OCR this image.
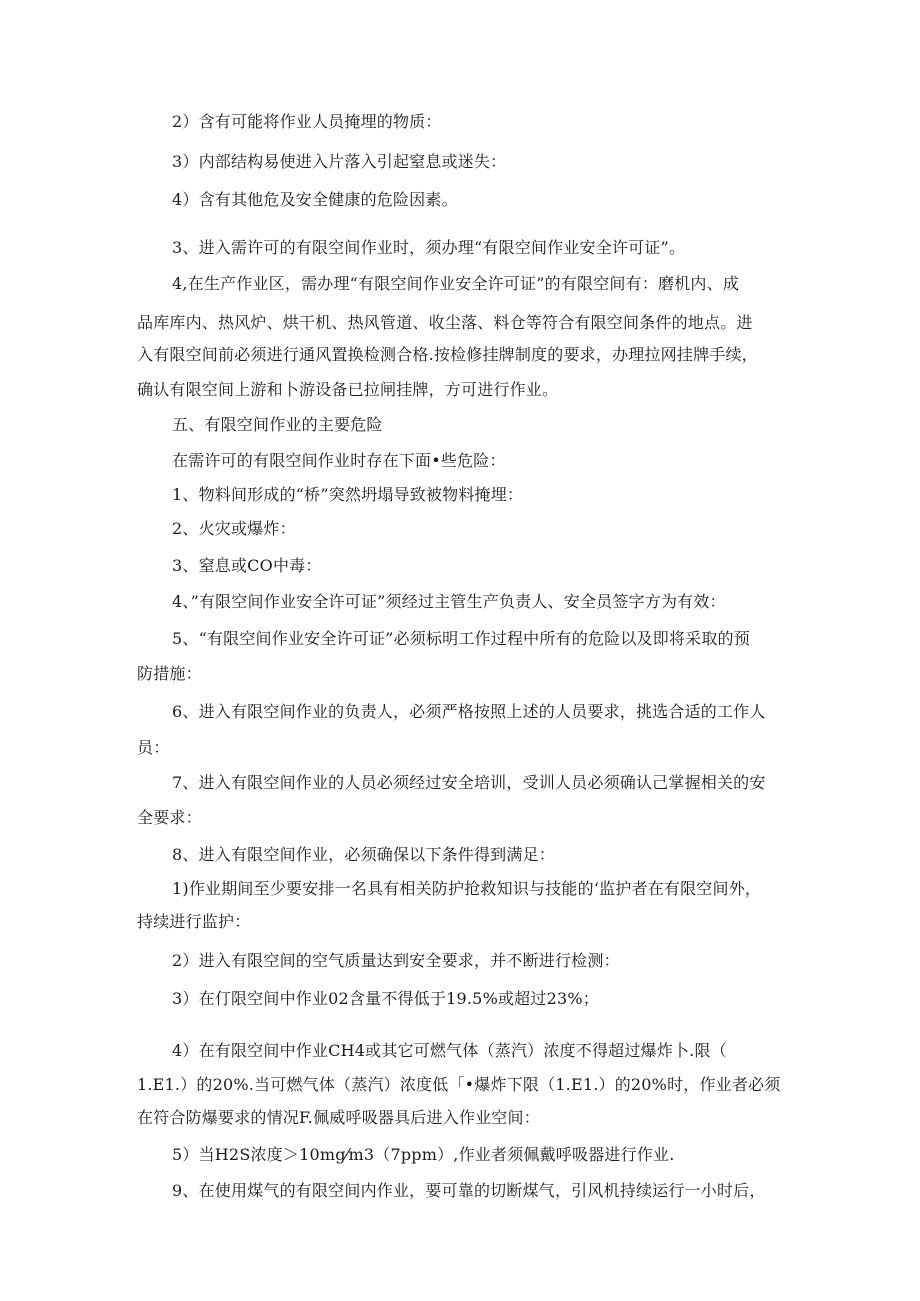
2）含有可能将作业人员掩埋的物质：
3）内部结构易使进入片落入引起窒息或迷失：
4）含有其他危及安全健康的危险因素。
3、进入需许可的有限空间作业时，须办理“有限空间作业安全许可证”。
4,在生产作业区，需办理“有限空间作业安全许可证”的有限空间有：磨机内、成
品库库内、热风炉、烘干机、热风管道、收尘落、料仓等符合有限空间条件的地点。进
入有限空间前必须进行通风置换检测合格.按检修挂牌制度的要求，办理拉网挂牌手续，
确认有限空间上游和卜游设备已拉闸挂牌，方可进行作业。
五、有限空间作业的主要危险
在需许可的有限空间作业时存在下面•些危险：
1、物料间形成的“桥”突然坍塌导致被物料掩埋：
2、火灾或爆炸：
3、窒息或CO中毒：
4、”有限空间作业安全许可证”须经过主管生产负责人、安全员签字方为有效：
5、“有限空间作业安全许可证”必须标明工作过程中所有的危险以及即将采取的预
防措施：
6、进入有限空间作业的负责人，必须严格按照上述的人员要求，挑选合适的工作人
员：
7、进入有限空间作业的人员必须经过安全培训，受训人员必须确认己掌握相关的安
全要求：
8、进入有限空间作业，必须确保以下条件得到满足：
1)作业期间至少要安排一名具有相关防护抢救知识与技能的‘监护者在有限空间外，
持续进行监护：
2）进入有限空间的空气质量达到安全要求，并不断进行检测：
3）在仃限空间中作业02含量不得低于19.5%或超过23%；
4）在有限空间中作业CH4或其它可燃气体（蒸汽）浓度不得超过爆炸卜.限（
1.E1.）的20%.当可燃气体（蒸汽）浓度低「•爆炸下限（1.E1.）的20%时，作业者必须
在符合防爆要求的情况F.佩威呼吸器具后进入作业空间：
5）当H2S浓度＞10mg⁄m3（7ppm）,作业者须佩戴呼吸器进行作业.
9、在使用煤气的有限空间内作业，要可靠的切断煤气，引风机持续运行一小时后，
